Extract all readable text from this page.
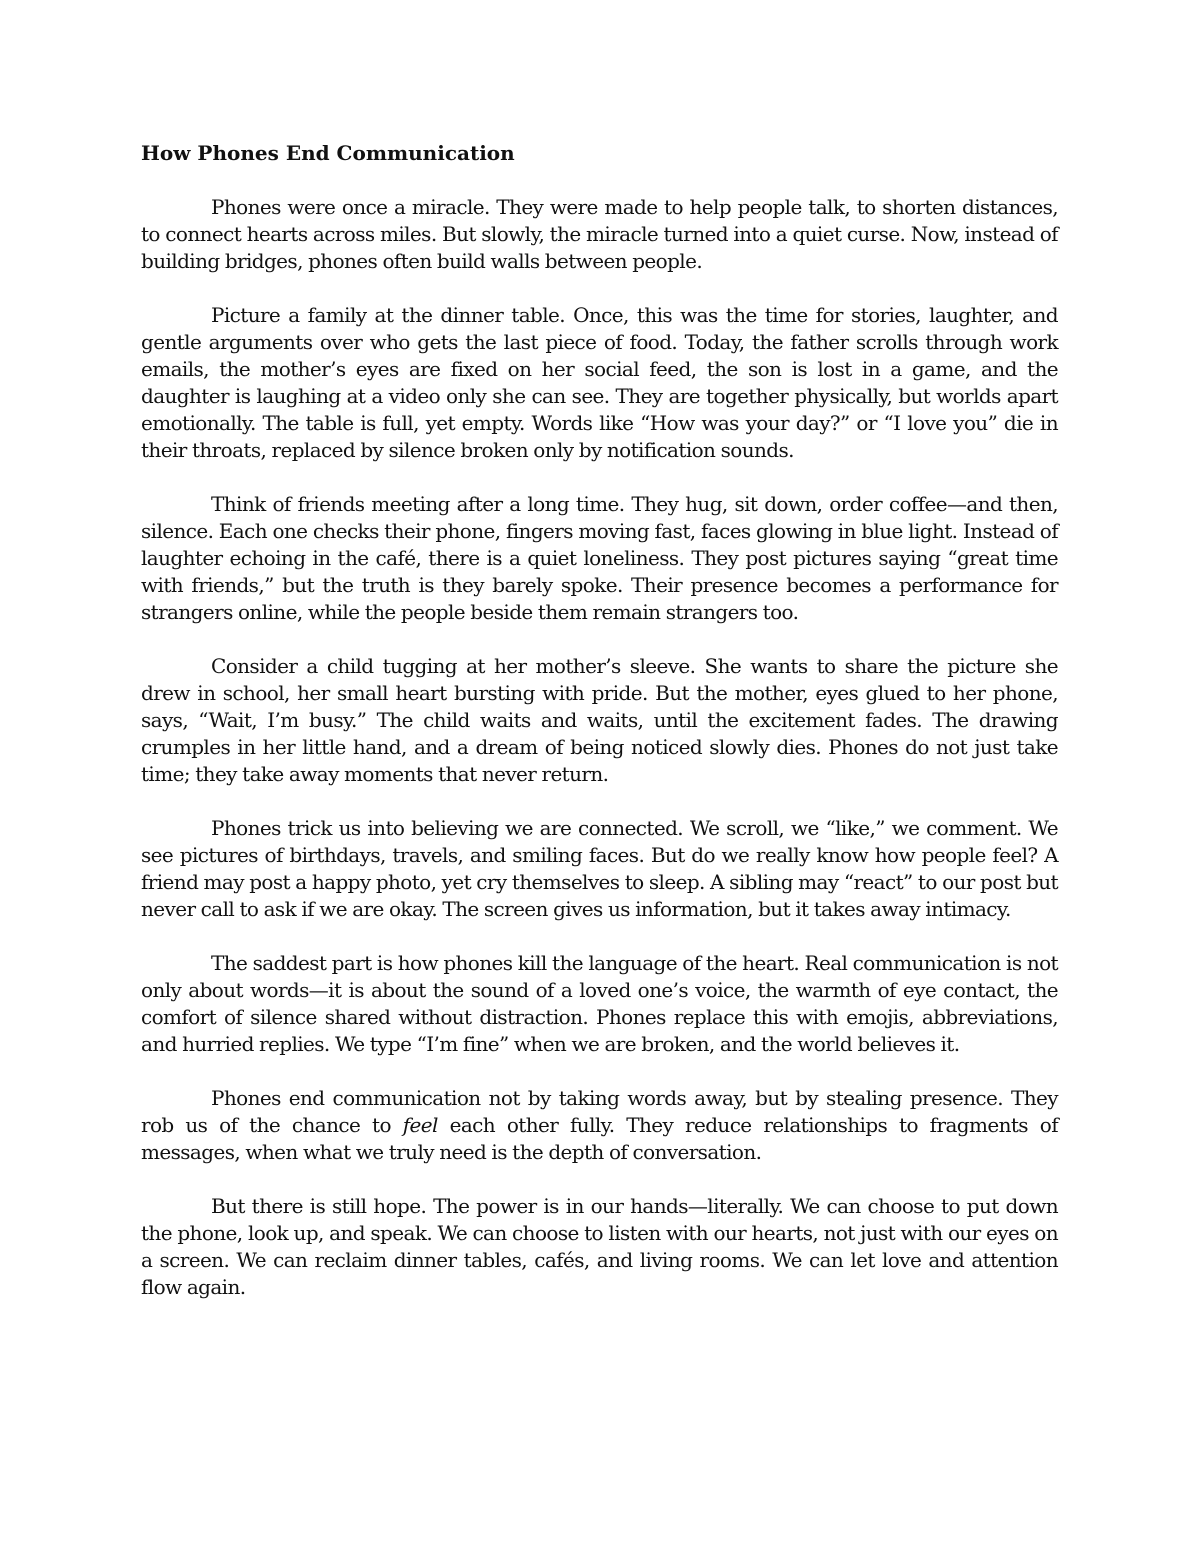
How Phones End Communication

Phones were once a miracle. They were made to help people talk, to shorten distances, to connect hearts across miles. But slowly, the miracle turned into a quiet curse. Now, instead of building bridges, phones often build walls between people.

Picture a family at the dinner table. Once, this was the time for stories, laughter, and gentle arguments over who gets the last piece of food. Today, the father scrolls through work emails, the mother’s eyes are fixed on her social feed, the son is lost in a game, and the daughter is laughing at a video only she can see. They are together physically, but worlds apart emotionally. The table is full, yet empty. Words like “How was your day?” or “I love you” die in their throats, replaced by silence broken only by notification sounds.

Think of friends meeting after a long time. They hug, sit down, order coffee—and then, silence. Each one checks their phone, fingers moving fast, faces glowing in blue light. Instead of laughter echoing in the café, there is a quiet loneliness. They post pictures saying “great time with friends,” but the truth is they barely spoke. Their presence becomes a performance for strangers online, while the people beside them remain strangers too.

Consider a child tugging at her mother’s sleeve. She wants to share the picture she drew in school, her small heart bursting with pride. But the mother, eyes glued to her phone, says, “Wait, I’m busy.” The child waits and waits, until the excitement fades. The drawing crumples in her little hand, and a dream of being noticed slowly dies. Phones do not just take time; they take away moments that never return.

Phones trick us into believing we are connected. We scroll, we “like,” we comment. We see pictures of birthdays, travels, and smiling faces. But do we really know how people feel? A friend may post a happy photo, yet cry themselves to sleep. A sibling may “react” to our post but never call to ask if we are okay. The screen gives us information, but it takes away intimacy.

The saddest part is how phones kill the language of the heart. Real communication is not only about words—it is about the sound of a loved one’s voice, the warmth of eye contact, the comfort of silence shared without distraction. Phones replace this with emojis, abbreviations, and hurried replies. We type “I’m fine” when we are broken, and the world believes it.

Phones end communication not by taking words away, but by stealing presence. They rob us of the chance to feel each other fully. They reduce relationships to fragments of messages, when what we truly need is the depth of conversation.

But there is still hope. The power is in our hands—literally. We can choose to put down the phone, look up, and speak. We can choose to listen with our hearts, not just with our eyes on a screen. We can reclaim dinner tables, cafés, and living rooms. We can let love and attention flow again.
